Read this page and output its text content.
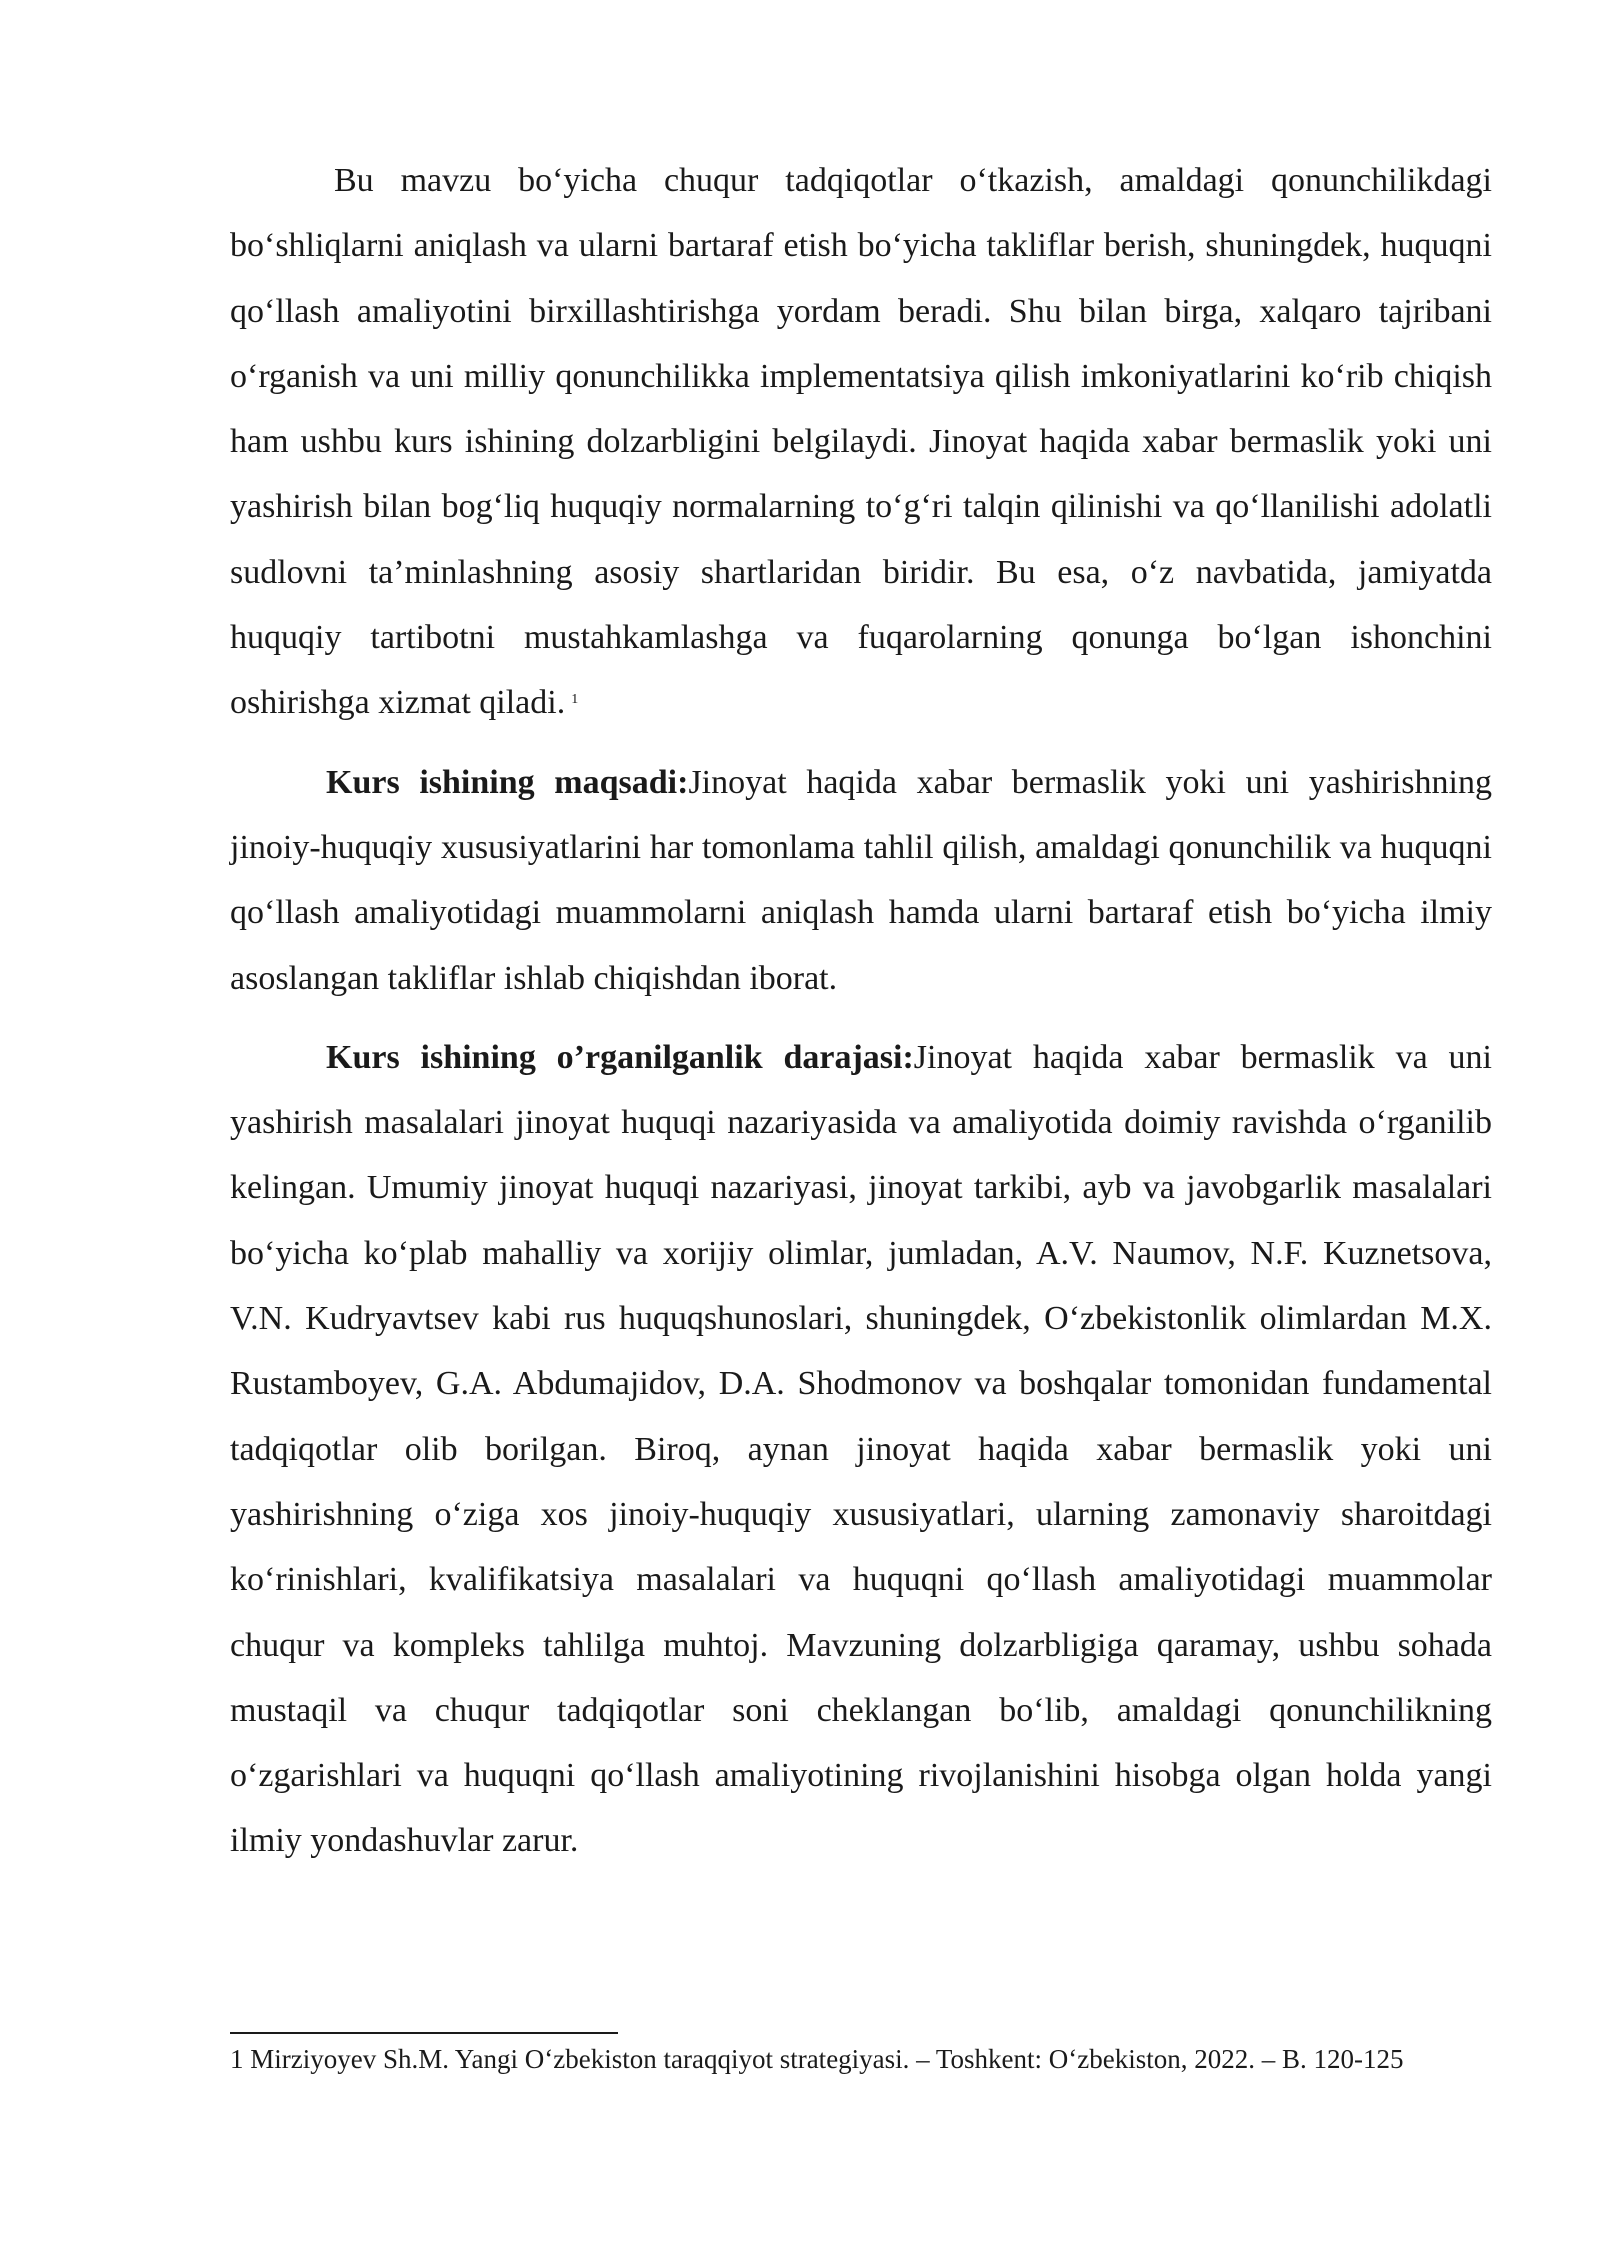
Bu mavzu bo‘yicha chuqur tadqiqotlar o‘tkazish, amaldagi qonunchilikdagi bo‘shliqlarni aniqlash va ularni bartaraf etish bo‘yicha takliflar berish, shuningdek, huquqni qo‘llash amaliyotini birxillashtirishga yordam beradi. Shu bilan birga, xalqaro tajribani o‘rganish va uni milliy qonunchilikka implementatsiya qilish imkoniyatlarini ko‘rib chiqish ham ushbu kurs ishining dolzarbligini belgilaydi. Jinoyat haqida xabar bermaslik yoki uni yashirish bilan bog‘liq huquqiy normalarning to‘g‘ri talqin qilinishi va qo‘llanilishi adolatli sudlovni ta’minlashning asosiy shartlaridan biridir. Bu esa, o‘z navbatida, jamiyatda huquqiy tartibotni mustahkamlashga va fuqarolarning qonunga bo‘lgan ishonchini oshirishga xizmat qiladi. $^1$

Kurs ishining maqsadi:Jinoyat haqida xabar bermaslik yoki uni yashirishning jinoiy-huquqiy xususiyatlarini har tomonlama tahlil qilish, amaldagi qonunchilik va huquqni qo‘llash amaliyotidagi muammolarni aniqlash hamda ularni bartaraf etish bo‘yicha ilmiy asoslangan takliflar ishlab chiqishdan iborat.

Kurs ishining o’rganilganlik darajasi:Jinoyat haqida xabar bermaslik va uni yashirish masalalari jinoyat huquqi nazariyasida va amaliyotida doimiy ravishda o‘rganilib kelingan. Umumiy jinoyat huquqi nazariyasi, jinoyat tarkibi, ayb va javobgarlik masalalari bo‘yicha ko‘plab mahalliy va xorijiy olimlar, jumladan, A.V. Naumov, N.F. Kuznetsova, V.N. Kudryavtsev kabi rus huquqshunoslari, shuningdek, O‘zbekistonlik olimlardan M.X. Rustamboyev, G.A. Abdumajidov, D.A. Shodmonov va boshqalar tomonidan fundamental tadqiqotlar olib borilgan. Biroq, aynan jinoyat haqida xabar bermaslik yoki uni yashirishning o‘ziga xos jinoiy-huquqiy xususiyatlari, ularning zamonaviy sharoitdagi ko‘rinishlari, kvalifikatsiya masalalari va huquqni qo‘llash amaliyotidagi muammolar chuqur va kompleks tahlilga muhtoj. Mavzuning dolzarbligiga qaramay, ushbu sohada mustaqil va chuqur tadqiqotlar soni cheklangan bo‘lib, amaldagi qonunchilikning o‘zgarishlari va huquqni qo‘llash amaliyotining rivojlanishini hisobga olgan holda yangi ilmiy yondashuvlar zarur.

1 Mirziyoyev Sh.M. Yangi O‘zbekiston taraqqiyot strategiyasi. – Toshkent: O‘zbekiston, 2022. – B. 120-125
